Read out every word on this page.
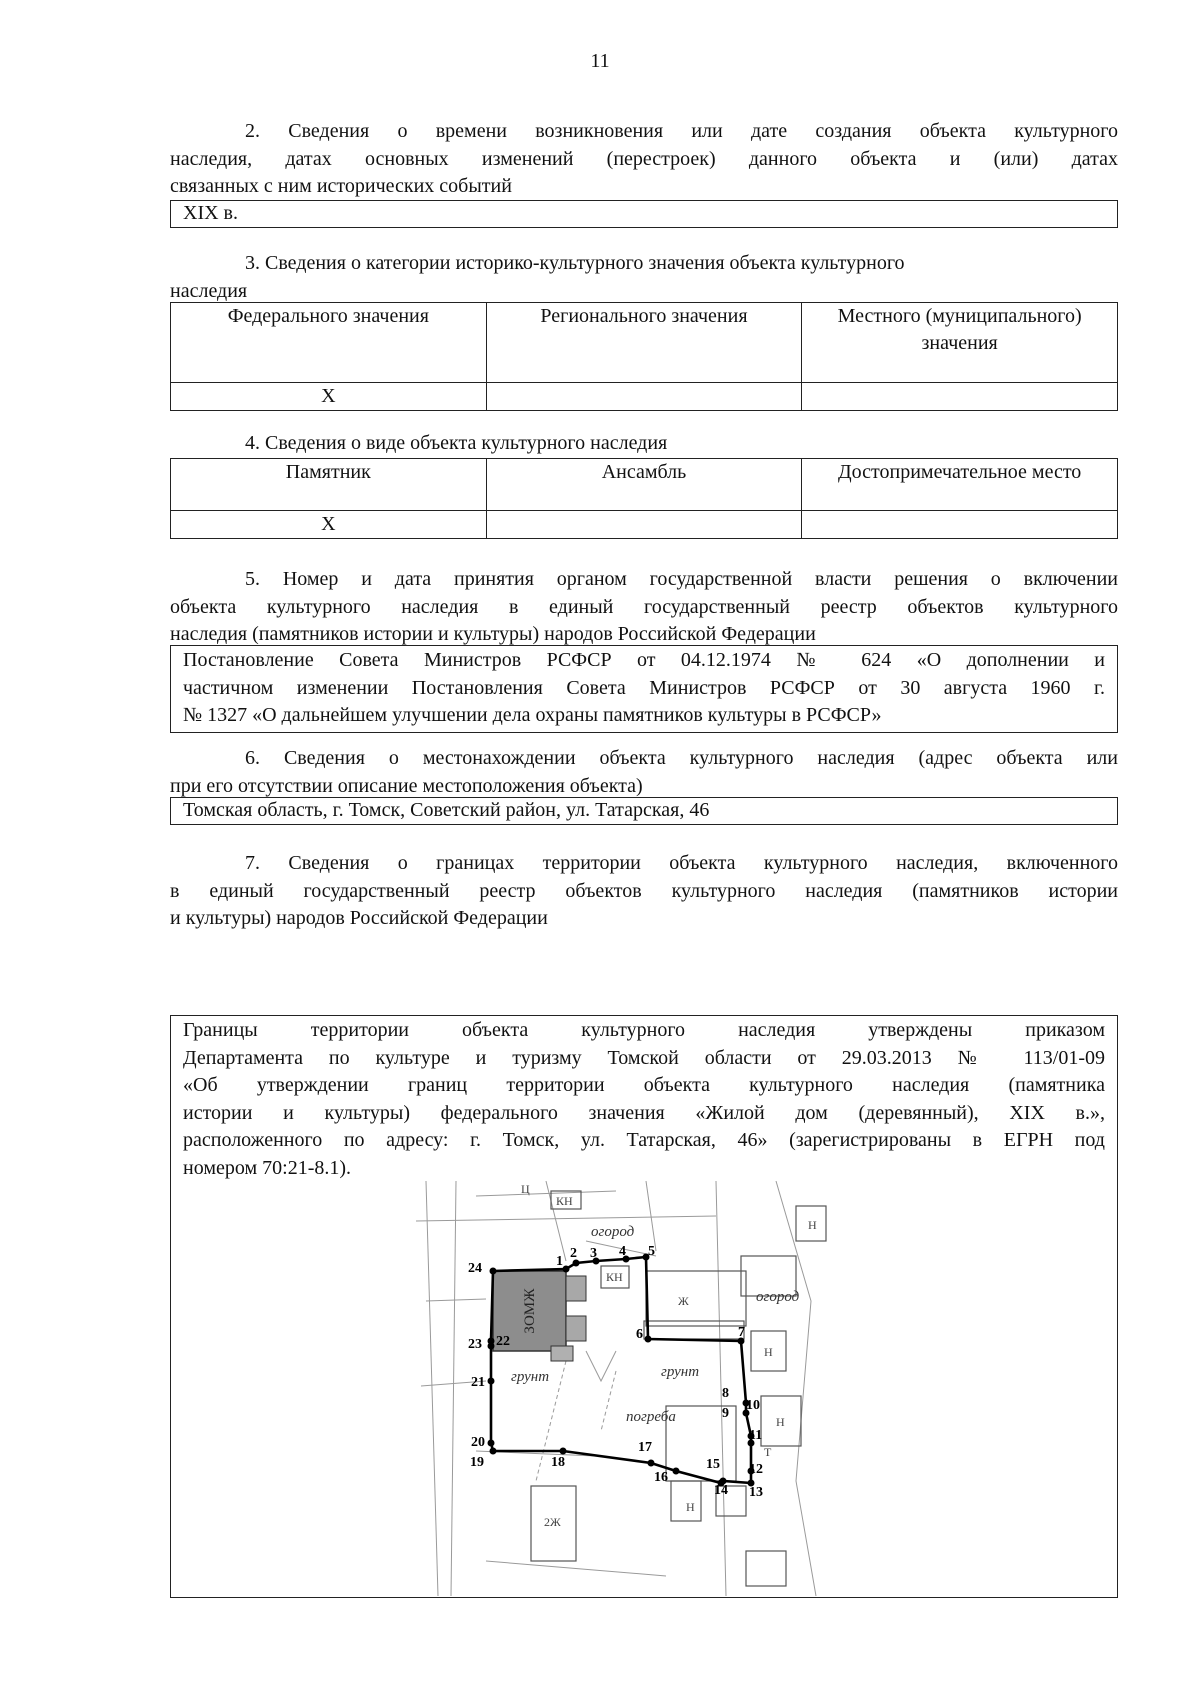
11
2. Сведения о времени возникновения или дате создания объекта культурного
наследия, датах основных изменений (перестроек) данного объекта и (или) датах
связанных с ним исторических событий
XIX в.
3. Сведения о категории историко-культурного значения объекта культурного
наследия
Федерального значения	Регионального значения	Местного (муниципального) значения
X		
4. Сведения о виде объекта культурного наследия
Памятник	Ансамбль	Достопримечательное место
X		
5. Номер и дата принятия органом государственной власти решения о включении
объекта культурного наследия в единый государственный реестр объектов культурного
наследия (памятников истории и культуры) народов Российской Федерации
Постановление Совета Министров РСФСР от 04.12.1974 № 624 «О дополнении и
частичном изменении Постановления Совета Министров РСФСР от 30 августа 1960 г.
№ 1327 «О дальнейшем улучшении дела охраны памятников культуры в РСФСР»
6. Сведения о местонахождении объекта культурного наследия (адрес объекта или
при его отсутствии описание местоположения объекта)
Томская область, г. Томск, Советский район, ул. Татарская, 46
7. Сведения о границах территории объекта культурного наследия, включенного
в единый государственный реестр объектов культурного наследия (памятников истории
и культуры) народов Российской Федерации
Границы территории объекта культурного наследия утверждены приказом
Департамента по культуре и туризму Томской области от 29.03.2013 № 113/01-09
«Об утверждении границ территории объекта культурного наследия (памятника
истории и культуры) федерального значения «Жилой дом (деревянный), XIX в.»,
расположенного по адресу: г. Томск, ул. Татарская, 46» (зарегистрированы в ЕГРН под
номером 70:21-8.1).
ЗОМЖ
1
2 3 4 5
6	7
8
9
10
11
12
13
14
15
16
17
18
19
20
21
22
23
24
огород
огород
грунт	грунт
погреба
КН
КН
Ж
Н
Н
Н
Н
Т
2Ж
Ц
